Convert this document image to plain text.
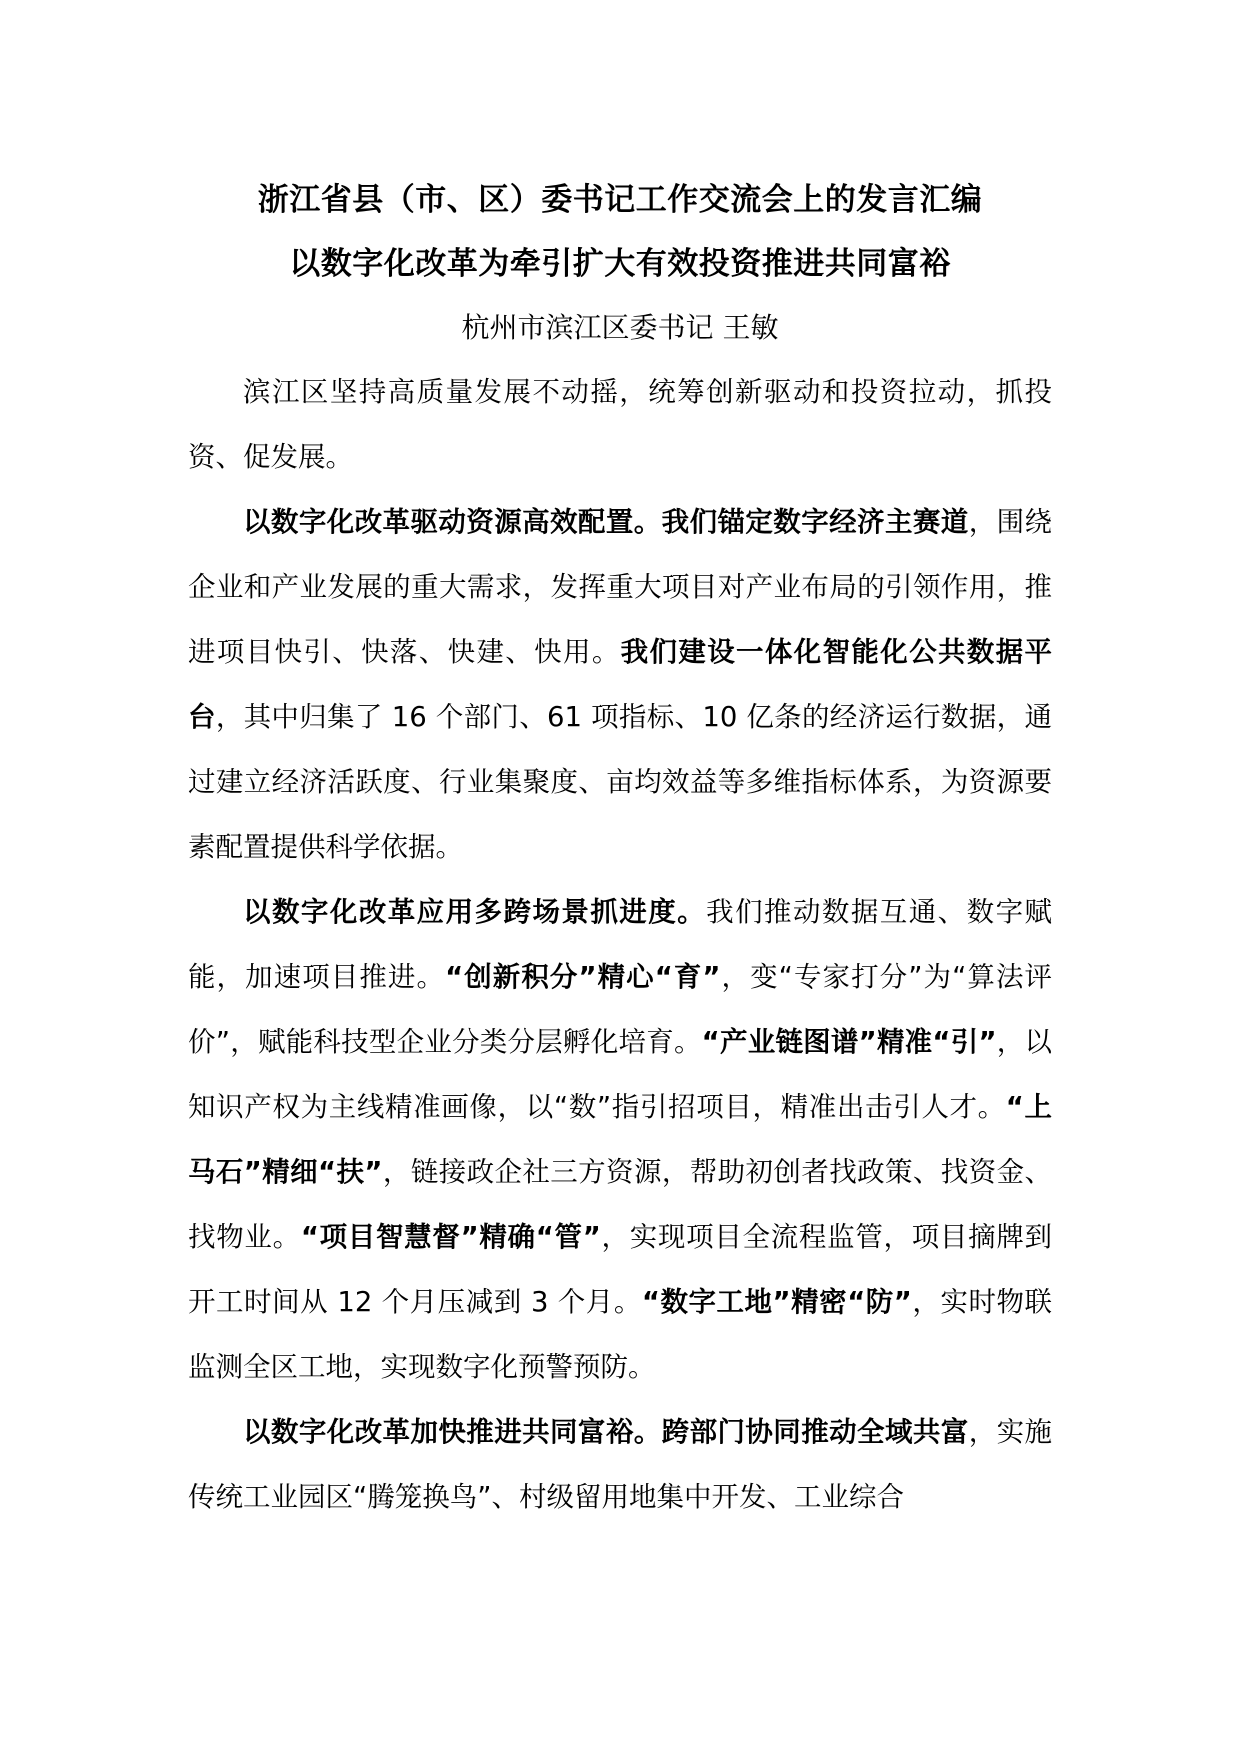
浙江省县（市、区）委书记工作交流会上的发言汇编
以数字化改革为牵引扩大有效投资推进共同富裕

杭州市滨江区委书记 王敏

滨江区坚持高质量发展不动摇，统筹创新驱动和投资拉动，抓投资、促发展。

以数字化改革驱动资源高效配置。我们锚定数字经济主赛道，围绕企业和产业发展的重大需求，发挥重大项目对产业布局的引领作用，推进项目快引、快落、快建、快用。我们建设一体化智能化公共数据平台，其中归集了 16 个部门、61 项指标、10 亿条的经济运行数据，通过建立经济活跃度、行业集聚度、亩均效益等多维指标体系，为资源要素配置提供科学依据。

以数字化改革应用多跨场景抓进度。我们推动数据互通、数字赋能，加速项目推进。“创新积分”精心“育”，变“专家打分”为“算法评价”，赋能科技型企业分类分层孵化培育。“产业链图谱”精准“引”，以知识产权为主线精准画像，以“数”指引招项目，精准出击引人才。“上马石”精细“扶”，链接政企社三方资源，帮助初创者找政策、找资金、找物业。“项目智慧督”精确“管”，实现项目全流程监管，项目摘牌到开工时间从 12 个月压减到 3 个月。“数字工地”精密“防”，实时物联监测全区工地，实现数字化预警预防。

以数字化改革加快推进共同富裕。跨部门协同推动全域共富，实施传统工业园区“腾笼换鸟”、村级留用地集中开发、工业综合
